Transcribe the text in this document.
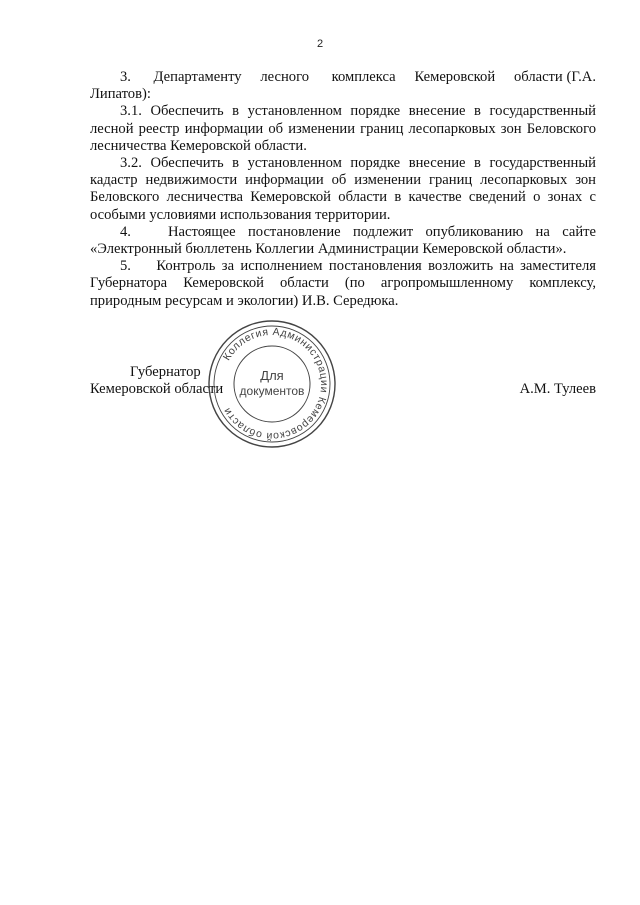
2

3.      Департаменту     лесного      комплекса     Кемеровской     области (Г.А. Липатов):

3.1. Обеспечить в установленном порядке внесение в государственный лесной реестр информации об изменении границ лесопарковых зон Беловского лесничества Кемеровской области.

3.2. Обеспечить в установленном порядке внесение в государственный кадастр недвижимости информации об изменении границ лесопарковых зон Беловского лесничества Кемеровской области в качестве сведений о зонах с особыми условиями использования территории.

4.   Настоящее постановление подлежит опубликованию на сайте «Электронный бюллетень Коллегии Администрации Кемеровской области».

5.    Контроль за исполнением постановления возложить на заместителя Губернатора Кемеровской области (по агропромышленному комплексу, природным ресурсам и экологии) И.В. Середюка.

Губернатор
Кемеровской области	А.М. Тулеев
Коллегия Администрации Кемеровской области
Для
документов
